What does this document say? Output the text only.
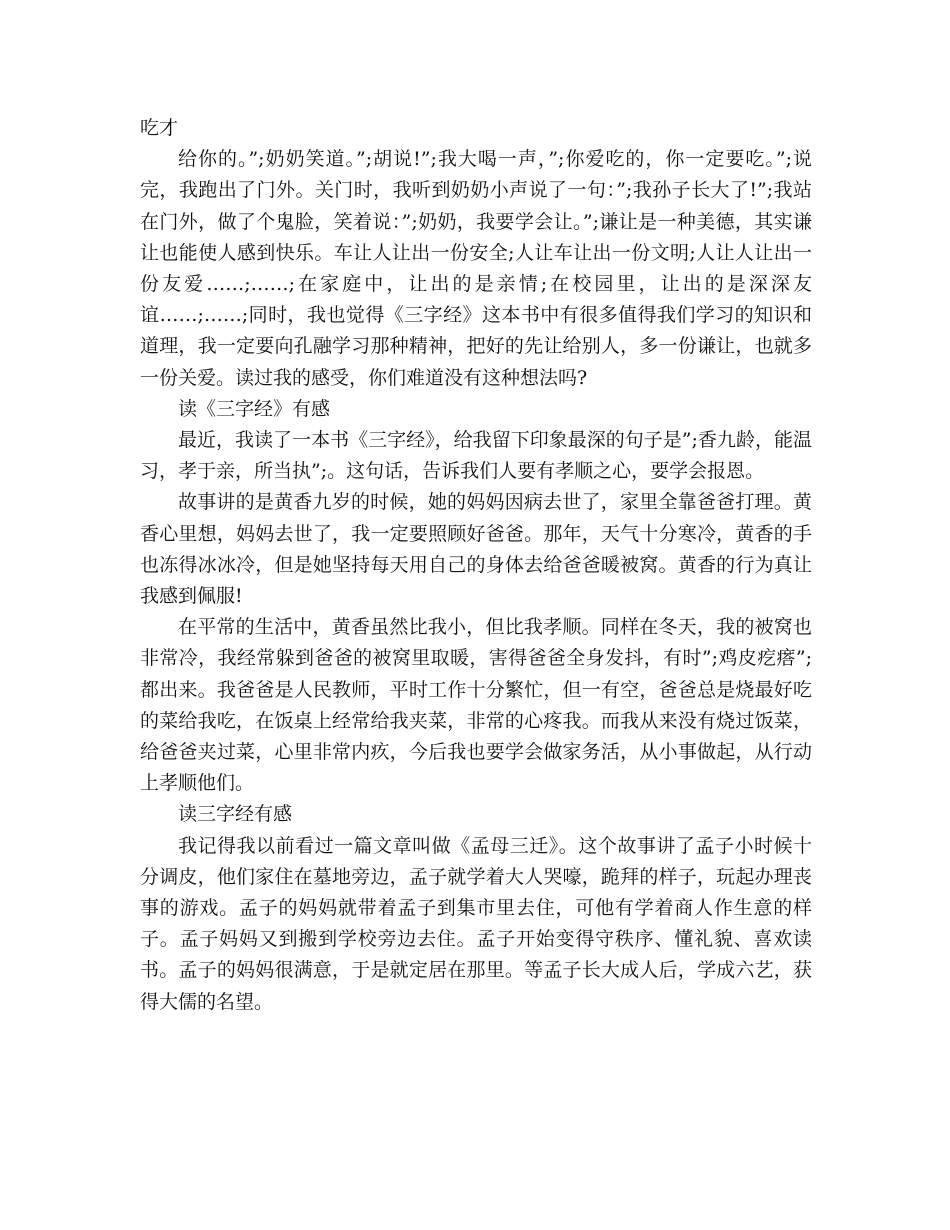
吃才

给你的。”;奶奶笑道。”;胡说!”;我大喝一声，”;你爱吃的，你一定要吃。”;说完，我跑出了门外。关门时，我听到奶奶小声说了一句：”;我孙子长大了!”;我站在门外，做了个鬼脸，笑着说：”;奶奶，我要学会让。”;谦让是一种美德，其实谦让也能使人感到快乐。车让人让出一份安全;人让车让出一份文明;人让人让出一份友爱……;……;在家庭中，让出的是亲情;在校园里，让出的是深深友谊……;……;同时，我也觉得《三字经》这本书中有很多值得我们学习的知识和道理，我一定要向孔融学习那种精神，把好的先让给别人，多一份谦让，也就多一份关爱。读过我的感受，你们难道没有这种想法吗?

读《三字经》有感

最近，我读了一本书《三字经》，给我留下印象最深的句子是”;香九龄，能温习，孝于亲，所当执”;。这句话，告诉我们人要有孝顺之心，要学会报恩。

故事讲的是黄香九岁的时候，她的妈妈因病去世了，家里全靠爸爸打理。黄香心里想，妈妈去世了，我一定要照顾好爸爸。那年，天气十分寒冷，黄香的手也冻得冰冰冷，但是她坚持每天用自己的身体去给爸爸暖被窝。黄香的行为真让我感到佩服!

在平常的生活中，黄香虽然比我小，但比我孝顺。同样在冬天，我的被窝也非常冷，我经常躲到爸爸的被窝里取暖，害得爸爸全身发抖，有时”;鸡皮疙瘩”;都出来。我爸爸是人民教师，平时工作十分繁忙，但一有空，爸爸总是烧最好吃的菜给我吃，在饭桌上经常给我夹菜，非常的心疼我。而我从来没有烧过饭菜，给爸爸夹过菜，心里非常内疚，今后我也要学会做家务活，从小事做起，从行动上孝顺他们。

读三字经有感

我记得我以前看过一篇文章叫做《孟母三迁》。这个故事讲了孟子小时候十分调皮，他们家住在墓地旁边，孟子就学着大人哭嚎，跪拜的样子，玩起办理丧事的游戏。孟子的妈妈就带着孟子到集市里去住，可他有学着商人作生意的样子。孟子妈妈又到搬到学校旁边去住。孟子开始变得守秩序、懂礼貌、喜欢读书。孟子的妈妈很满意，于是就定居在那里。等孟子长大成人后，学成六艺，获得大儒的名望。
